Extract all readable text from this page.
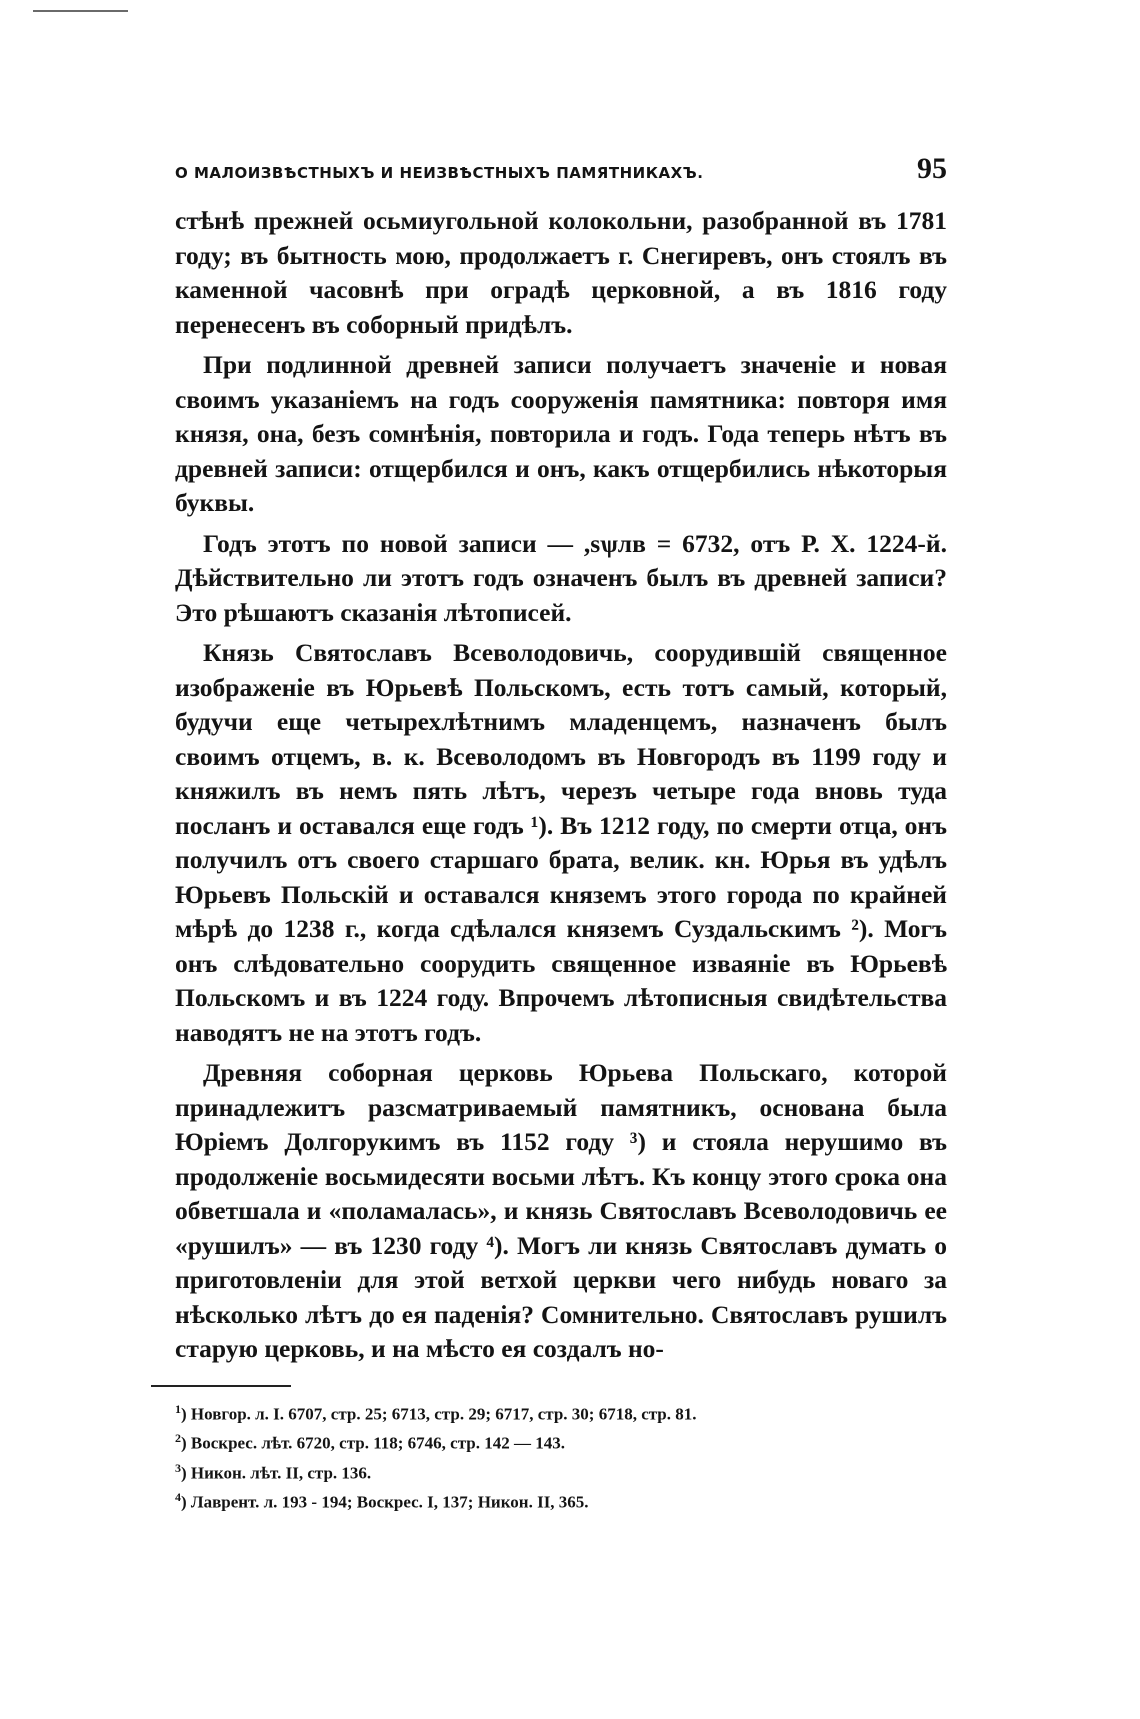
О МАЛОИЗВѢСТНЫХЪ И НЕИЗВѢСТНЫХЪ ПАМЯТНИКАХЪ.	95

стѣнѣ прежней осьмиугольной колокольни, разобранной въ 1781 году; въ бытность мою, продолжаетъ г. Снегиревъ, онъ стоялъ въ каменной часовнѣ при оградѣ церковной, а въ 1816 году перенесенъ въ соборный придѣлъ.

При подлинной древней записи получаетъ значеніе и новая своимъ указаніемъ на годъ сооруженія памятника: повторя имя князя, она, безъ сомнѣнія, повторила и годъ. Года теперь нѣтъ въ древней записи: отщербился и онъ, какъ отщербились нѣкоторыя буквы.

Годъ этотъ по новой записи — ,ѕѱлв = 6732, отъ Р. Х. 1224-й. Дѣйствительно ли этотъ годъ означенъ былъ въ древней записи? Это рѣшаютъ сказанія лѣтописей.

Князь Святославъ Всеволодовичь, соорудившій священное изображеніе въ Юрьевѣ Польскомъ, есть тотъ самый, который, будучи еще четырехлѣтнимъ младенцемъ, назначенъ былъ своимъ отцемъ, в. к. Всеволодомъ въ Новгородъ въ 1199 году и княжилъ въ немъ пять лѣтъ, черезъ четыре года вновь туда посланъ и оставался еще годъ ¹). Въ 1212 году, по смерти отца, онъ получилъ отъ своего старшаго брата, велик. кн. Юрья въ удѣлъ Юрьевъ Польскій и оставался княземъ этого города по крайней мѣрѣ до 1238 г., когда сдѣлался княземъ Суздальскимъ ²). Могъ онъ слѣдовательно соорудить священное изваяніе въ Юрьевѣ Польскомъ и въ 1224 году. Впрочемъ лѣтописныя свидѣтельства наводятъ не на этотъ годъ.

Древняя соборная церковь Юрьева Польскаго, которой принадлежитъ разсматриваемый памятникъ, основана была Юріемъ Долгорукимъ въ 1152 году ³) и стояла нерушимо въ продолженіе восьмидесяти восьми лѣтъ. Къ концу этого срока она обветшала и «поламалась», и князь Святославъ Всеволодовичь ее «рушилъ» — въ 1230 году ⁴). Могъ ли князь Святославъ думать о приготовленіи для этой ветхой церкви чего нибудь новаго за нѣсколько лѣтъ до ея паденія? Сомнительно. Святославъ рушилъ старую церковь, и на мѣсто ея создалъ но-

$^1$) Новгор. л. I. 6707, стр. 25; 6713, стр. 29; 6717, стр. 30; 6718, стр. 81.

$^2$) Воскрес. лѣт. 6720, стр. 118; 6746, стр. 142 — 143.

$^3$) Никон. лѣт. II, стр. 136.

$^4$) Лаврент. л. 193 - 194; Воскрес. I, 137; Никон. II, 365.
